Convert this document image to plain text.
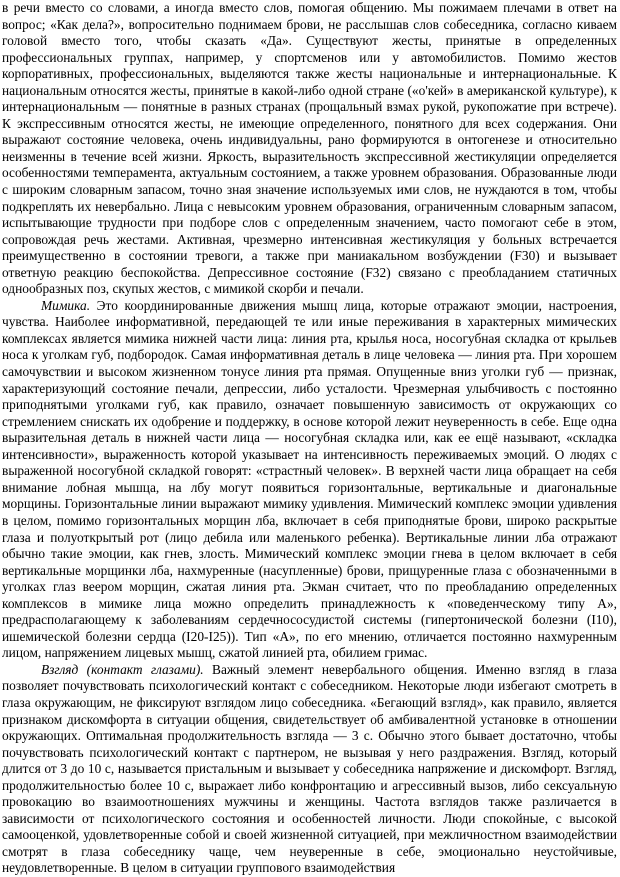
в речи вместо со словами, а иногда вместо слов, помогая общению. Мы пожимаем плечами в ответ на вопрос; «Как дела?», вопросительно поднимаем брови, не расслышав слов собеседника, согласно киваем головой вместо того, чтобы сказать «Да». Существуют жесты, принятые в определенных профессиональных группах, например, у спортсменов или у автомобилистов. Помимо жестов корпоративных, профессиональных, выделяются также жесты национальные и интернациональные. К национальным относятся жесты, принятые в какой-либо одной стране («о'кей» в американской культуре), к интернациональным — понятные в разных странах (прощальный взмах рукой, рукопожатие при встрече). К экспрессивным относятся жесты, не имеющие определенного, понятного для всех содержания. Они выражают состояние человека, очень индивидуальны, рано формируются в онтогенезе и относительно неизменны в течение всей жизни. Яркость, выразительность экспрессивной жестикуляции определяется особенностями темперамента, актуальным состоянием, а также уровнем образования. Образованные люди с широким словарным запасом, точно зная значение используемых ими слов, не нуждаются в том, чтобы подкреплять их невербально. Лица с невысоким уровнем образования, ограниченным словарным запасом, испытывающие трудности при подборе слов с определенным значением, часто помогают себе в этом, сопровождая речь жестами. Активная, чрезмерно интенсивная жестикуляция у больных встречается преимущественно в состоянии тревоги, а также при маниакальном возбуждении (F30) и вызывает ответную реакцию беспокойства. Депрессивное состояние (F32) связано с преобладанием статичных однообразных поз, скупых жестов, с мимикой скорби и печали.

Мимика. Это координированные движения мышц лица, которые отражают эмоции, настроения, чувства. Наиболее информативной, передающей те или иные переживания в характерных мимических комплексах является мимика нижней части лица: линия рта, крылья носа, носогубная складка от крыльев носа к уголкам губ, подбородок. Самая информативная деталь в лице человека — линия рта. При хорошем самочувствии и высоком жизненном тонусе линия рта прямая. Опущенные вниз уголки губ — признак, характеризующий состояние печали, депрессии, либо усталости. Чрезмерная улыбчивость с постоянно приподнятыми уголками губ, как правило, означает повышенную зависимость от окружающих со стремлением снискать их одобрение и поддержку, в основе которой лежит неуверенность в себе. Еще одна выразительная деталь в нижней части лица — носогубная складка или, как ее ещё называют, «складка интенсивности», выраженность которой указывает на интенсивность переживаемых эмоций. О людях с выраженной носогубной складкой говорят: «страстный человек». В верхней части лица обращает на себя внимание лобная мышца, на лбу могут появиться горизонтальные, вертикальные и диагональные морщины. Горизонтальные линии выражают мимику удивления. Мимический комплекс эмоции удивления в целом, помимо горизонтальных морщин лба, включает в себя приподнятые брови, широко раскрытые глаза и полуоткрытый рот (лицо дебила или маленького ребенка). Вертикальные линии лба отражают обычно такие эмоции, как гнев, злость. Мимический комплекс эмоции гнева в целом включает в себя вертикальные морщинки лба, нахмуренные (насупленные) брови, прищуренные глаза с обозначенными в уголках глаз веером морщин, сжатая линия рта. Экман считает, что по преобладанию определенных комплексов в мимике лица можно определить принадлежность к «поведенческому типу А», предрасполагающему к заболеваниям сердечнососудистой системы (гипертонической болезни (I10), ишемической болезни сердца (I20-I25)). Тип «А», по его мнению, отличается постоянно нахмуренным лицом, напряжением лицевых мышц, сжатой линией рта, обилием гримас.

Взгляд (контакт глазами). Важный элемент невербального общения. Именно взгляд в глаза позволяет почувствовать психологический контакт с собеседником. Некоторые люди избегают смотреть в глаза окружающим, не фиксируют взглядом лицо собеседника. «Бегающий взгляд», как правило, является признаком дискомфорта в ситуации общения, свидетельствует об амбивалентной установке в отношении окружающих. Оптимальная продолжительность взгляда — 3 с. Обычно этого бывает достаточно, чтобы почувствовать психологический контакт с партнером, не вызывая у него раздражения. Взгляд, который длится от 3 до 10 с, называется пристальным и вызывает у собеседника напряжение и дискомфорт. Взгляд, продолжительностью более 10 с, выражает либо конфронтацию и агрессивный вызов, либо сексуальную провокацию во взаимоотношениях мужчины и женщины. Частота взглядов также различается в зависимости от психологического состояния и особенностей личности. Люди спокойные, с высокой самооценкой, удовлетворенные собой и своей жизненной ситуацией, при межличностном взаимодействии смотрят в глаза собеседнику чаще, чем неуверенные в себе, эмоционально неустойчивые, неудовлетворенные. В целом в ситуации группового взаимодействия
